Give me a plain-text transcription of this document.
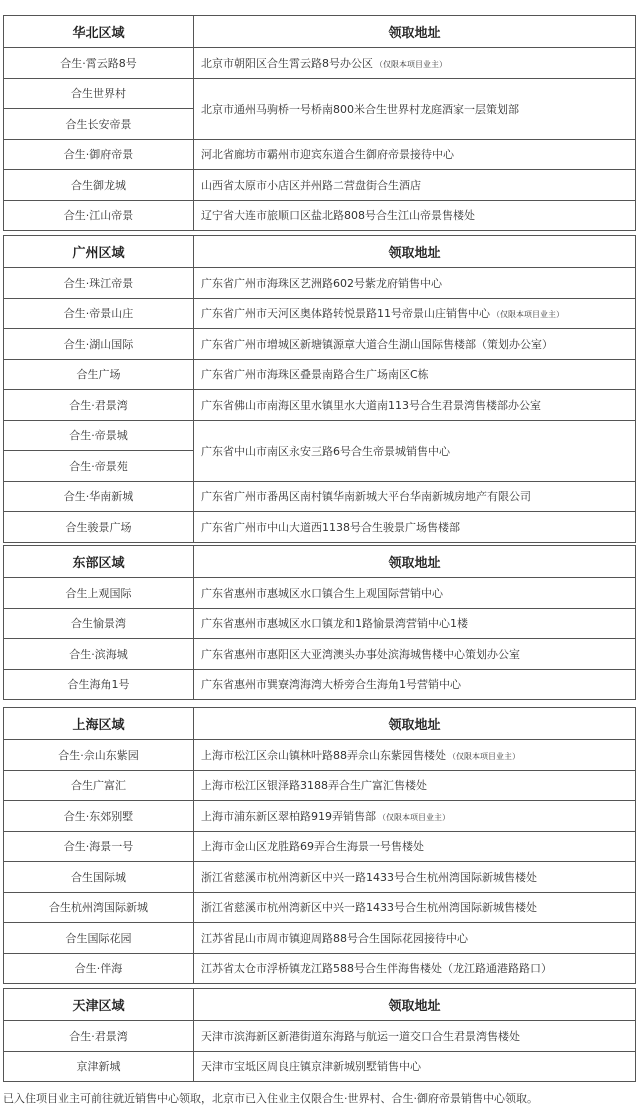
华北区域	领取地址
合生·霄云路8号	北京市朝阳区合生霄云路8号办公区 （仅限本项目业主）
合生世界村	北京市通州马驹桥一号桥南800米合生世界村龙庭酒家一层策划部
合生长安帝景	
合生·御府帝景	河北省廊坊市霸州市迎宾东道合生御府帝景接待中心
合生御龙城	山西省太原市小店区并州路二营盘街合生酒店
合生·江山帝景	辽宁省大连市旅顺口区盐北路808号合生江山帝景售楼处
广州区域	领取地址
合生·珠江帝景	广东省广州市海珠区艺洲路602号紫龙府销售中心
合生·帝景山庄	广东省广州市天河区奥体路转悦景路11号帝景山庄销售中心 （仅限本项目业主）
合生·湖山国际	广东省广州市增城区新塘镇源章大道合生湖山国际售楼部（策划办公室）
合生广场	广东省广州市海珠区叠景南路合生广场南区C栋
合生·君景湾	广东省佛山市南海区里水镇里水大道南113号合生君景湾售楼部办公室
合生·帝景城	广东省中山市南区永安三路6号合生帝景城销售中心
合生·帝景苑	
合生·华南新城	广东省广州市番禺区南村镇华南新城大平台华南新城房地产有限公司
合生骏景广场	广东省广州市中山大道西1138号合生骏景广场售楼部
东部区域	领取地址
合生上观国际	广东省惠州市惠城区水口镇合生上观国际营销中心
合生愉景湾	广东省惠州市惠城区水口镇龙和1路愉景湾营销中心1楼
合生·滨海城	广东省惠州市惠阳区大亚湾澳头办事处滨海城售楼中心策划办公室
合生海角1号	广东省惠州市巽寮湾海湾大桥旁合生海角1号营销中心
上海区域	领取地址
合生·佘山东紫园	上海市松江区佘山镇林叶路88弄佘山东紫园售楼处 （仅限本项目业主）
合生广富汇	上海市松江区银泽路3188弄合生广富汇售楼处
合生·东郊别墅	上海市浦东新区翠柏路919弄销售部 （仅限本项目业主）
合生·海景一号	上海市金山区龙胜路69弄合生海景一号售楼处
合生国际城	浙江省慈溪市杭州湾新区中兴一路1433号合生杭州湾国际新城售楼处
合生杭州湾国际新城	浙江省慈溪市杭州湾新区中兴一路1433号合生杭州湾国际新城售楼处
合生国际花园	江苏省昆山市周市镇迎周路88号合生国际花园接待中心
合生·伴海	江苏省太仓市浮桥镇龙江路588号合生伴海售楼处（龙江路通港路路口）
天津区域	领取地址
合生·君景湾	天津市滨海新区新港街道东海路与航运一道交口合生君景湾售楼处
京津新城	天津市宝坻区周良庄镇京津新城别墅销售中心
已入住项目业主可前往就近销售中心领取，北京市已入住业主仅限合生·世界村、合生·御府帝景销售中心领取。
